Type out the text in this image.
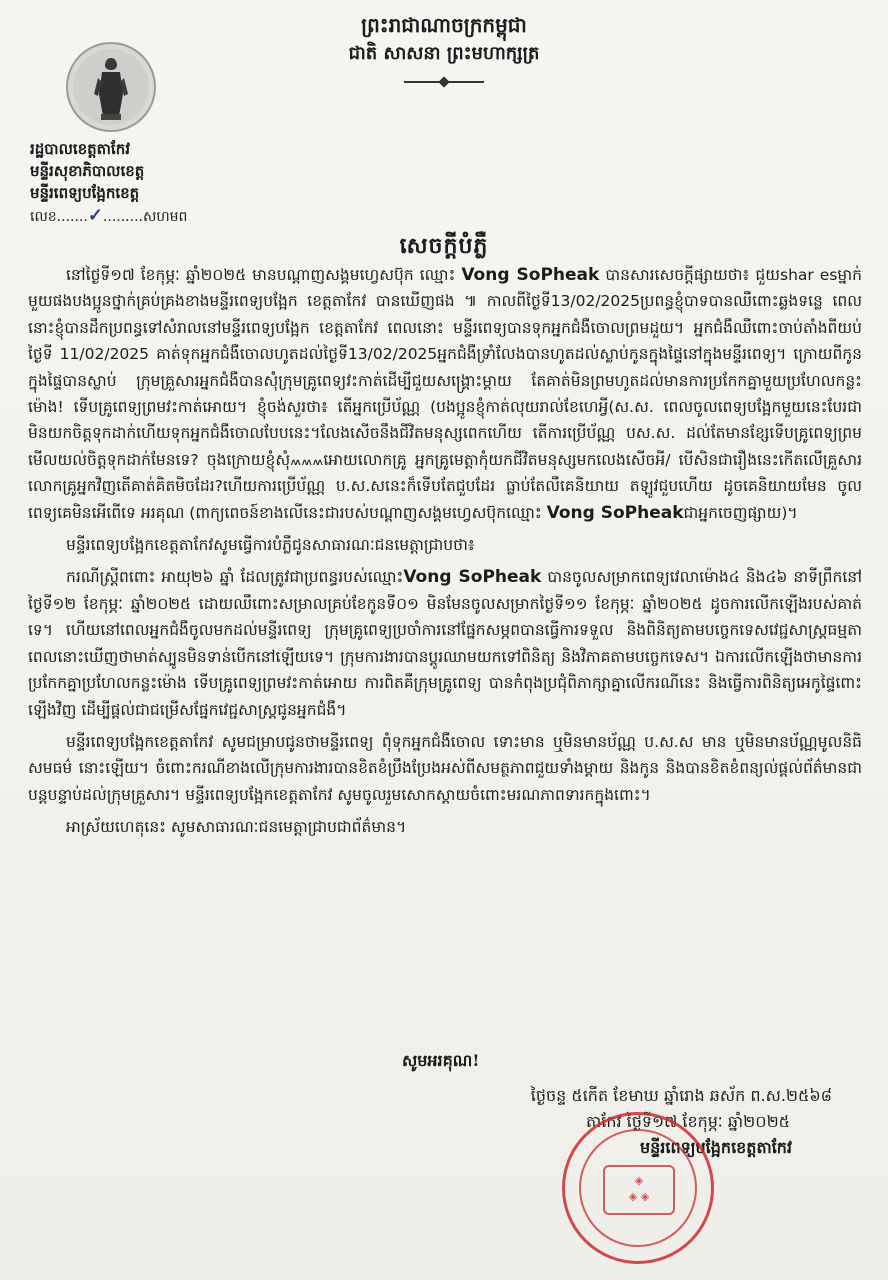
ព្រះរាជាណាចក្រកម្ពុជា
ជាតិ សាសនា ព្រះមហាក្សត្រ
រដ្ឋបាលខេត្តតាកែវ
មន្ទីរសុខាភិបាលខេត្ត
មន្ទីរពេទ្យបង្អែកខេត្ត
លេខ.......✓.........សហមព
សេចក្តីបំភ្លឺ

នៅថ្ងៃទី១៧ ខែកុម្ភៈ ឆ្នាំ២០២៥ មានបណ្តាញសង្គមហ្វេសប៊ុក ឈ្មោះ Vong SoPheak បានសារសេចក្តីផ្សាយថា៖ ជួយshar esម្នាក់មួយផងបងប្អូនថ្នាក់គ្រប់គ្រងខាងមន្ទីរពេទ្យបង្អែក ខេត្តតាកែវ បានឃើញផង ៕ កាលពីថ្ងៃទី13/02/2025ប្រពន្ធខ្ញុំបាទបានឈឺពោះឆ្លងទន្លេ ពេលនោះខ្ញុំបានដឹកប្រពន្ធទៅសំរាលនៅមន្ទីរពេទ្យបង្អែក ខេត្តតាកែវ ពេលនោះ មន្ទីរពេទ្យបានទុកអ្នកជំងឺចោលព្រមដួយ។ អ្នកជំងឺឈឺពោះចាប់តាំងពីយប់ថ្ងៃទី 11/02/2025 គាត់ទុកអ្នកជំងឺចោលហូតដល់ថ្ងៃទី13/02/2025អ្នកជំងឺទ្រាំលែងបានហូតដល់ស្លាប់កូនក្នុងផ្ទៃនៅក្នុងមន្ទីរពេទ្យ។ ក្រោយពីកូនក្នុងផ្ទៃបានស្លាប់ ក្រុមគ្រួសារអ្នកជំងឺបានសុំក្រុមគ្រូពេទ្យវះកាត់ដើម្បីជួយសង្គ្រោះម្តាយ តែគាត់មិនព្រមហូតដល់មានការប្រកែកគ្នាមួយប្រហែលកន្លះម៉ោង! ទើបគ្រូពេទ្យព្រមវះកាត់អោយ។ ខ្ញុំចង់សួរថា៖ តើអ្នកប្រើប័ណ្ណ (បងប្អូនខ្ញុំកាត់លុយរាល់ខែហេអ្វី(ស.ស. ពេលចូលពេទ្យបង្អែកមួយនេះបែរជាមិនយកចិត្តទុកដាក់ហើយទុកអ្នកជំងឺចោលបែបនេះ។លែងសើចនឹងជីវិតមនុស្សពេកហើយ តើការប្រើប័ណ្ណ បស.ស. ដល់តែមានខ្សែទើបគ្រូពេទ្យព្រមមើលយល់ចិត្តទុកដាក់មែនទេ? ចុងក្រោយខ្ញុំសុំ៳៳៳អោយលោកគ្រូ អ្នកគ្រូមេត្តាកុំយកជីវិតមនុស្សមកលេងសើចអី/ បើសិនជារឿងនេះកើតលើគ្រួសារលោកគ្រូអ្នកវិញតើគាត់គិតមិចដែរ?ហើយការប្រើប័ណ្ណ ប.ស.សនេះក៏ទើបតែជួបដែរ ធ្លាប់តែលឺគេនិយាយ តឡូវជួបហើយ ដូចគេនិយាយមែន ចូលពេទ្យគេមិនអើពើទេ អរគុណ (ពាក្យពេចន៍ខាងលើនេះជារបស់បណ្តាញសង្គមហ្វេសប៊ុកឈ្មោះ Vong SoPheakជាអ្នកចេញផ្សាយ)។

មន្ទីរពេទ្យបង្អែកខេត្តតាកែវសូមធ្វើការបំភ្លឺជូនសាធារណៈជនមេត្តាជ្រាបថា៖

ករណីស្ត្រីពពោះ អាយុ២៦ ឆ្នាំ ដែលត្រូវជាប្រពន្ធរបស់ឈ្មោះVong SoPheak បានចូលសម្រាកពេទ្យវេលាម៉ោង៤ និង៤៦ នាទីព្រឹកនៅថ្ងៃទី១២ ខែកុម្ភៈ ឆ្នាំ២០២៥ ដោយឈឺពោះសម្រាលគ្រប់ខែកូនទី០១ មិនមែនចូលសម្រាកថ្ងៃទី១១ ខែកុម្ភៈ ឆ្នាំ២០២៥ ដូចការលើកឡើងរបស់គាត់ទេ។ ហើយនៅពេលអ្នកជំងឺចូលមកដល់មន្ទីរពេទ្យ ក្រុមគ្រូពេទ្យប្រចាំការនៅផ្នែកសម្ភពបានធ្វើការទទួល និងពិនិត្យតាមបច្ចេកទេសវេជ្ជសាស្ត្រធម្មតា ពេលនោះឃើញថាមាត់ស្បូនមិនទាន់បើកនៅឡើយទេ។ ក្រុមការងារបានប្តូរឈាមយកទៅពិនិត្យ និងវិភាគតាមបច្ចេកទេស។ ឯការលើកឡើងថាមានការប្រកែកគ្នាប្រហែលកន្លះម៉ោង ទើបគ្រូពេទ្យព្រមវះកាត់អោយ ការពិតគឺក្រុមគ្រូពេទ្យ បានកំពុងប្រជុំពិភាក្សាគ្នាលើករណីនេះ និងធ្វើការពិនិត្យអេកូផ្ទៃពោះឡើងវិញ ដើម្បីផ្តល់ជាជម្រើសផ្នែកវេជ្ជសាស្ត្រជូនអ្នកជំងឺ។

មន្ទីរពេទ្យបង្អែកខេត្តតាកែវ សូមជម្រាបជូនថាមន្ទីរពេទ្យ ពុំទុកអ្នកជំងឺចោល ទោះមាន ឬមិនមានប័ណ្ណ ប.ស.ស មាន ឬមិនមានប័ណ្ណមូលនិធិសមធម៌ នោះឡើយ។ ចំពោះករណីខាងលើក្រុមការងារបានខិតខំប្រឹងប្រែងអស់ពីសមត្ថភាពជួយទាំងម្តាយ និងកូន និងបានខិតខំពន្យល់ផ្តល់ព័ត៌មានជាបន្តបន្ទាប់ដល់ក្រុមគ្រួសារ។ មន្ទីរពេទ្យបង្អែកខេត្តតាកែវ សូមចូលរួមសោកស្តាយចំពោះមរណភាពទារកក្នុងពោះ។

អាស្រ័យហេតុនេះ សូមសាធារណៈជនមេត្តាជ្រាបជាព័ត៌មាន។

សូមអរគុណ!
ថ្ងៃចន្ទ ៥កើត ខែមាឃ ឆ្នាំរោង ឆស័ក ព.ស.២៥៦៨
តាកែវ ថ្ងៃទី១៧ ខែកុម្ភៈ ឆ្នាំ២០២៥
មន្ទីរពេទ្យបង្អែកខេត្តតាកែវ
◈
◈ ◈
